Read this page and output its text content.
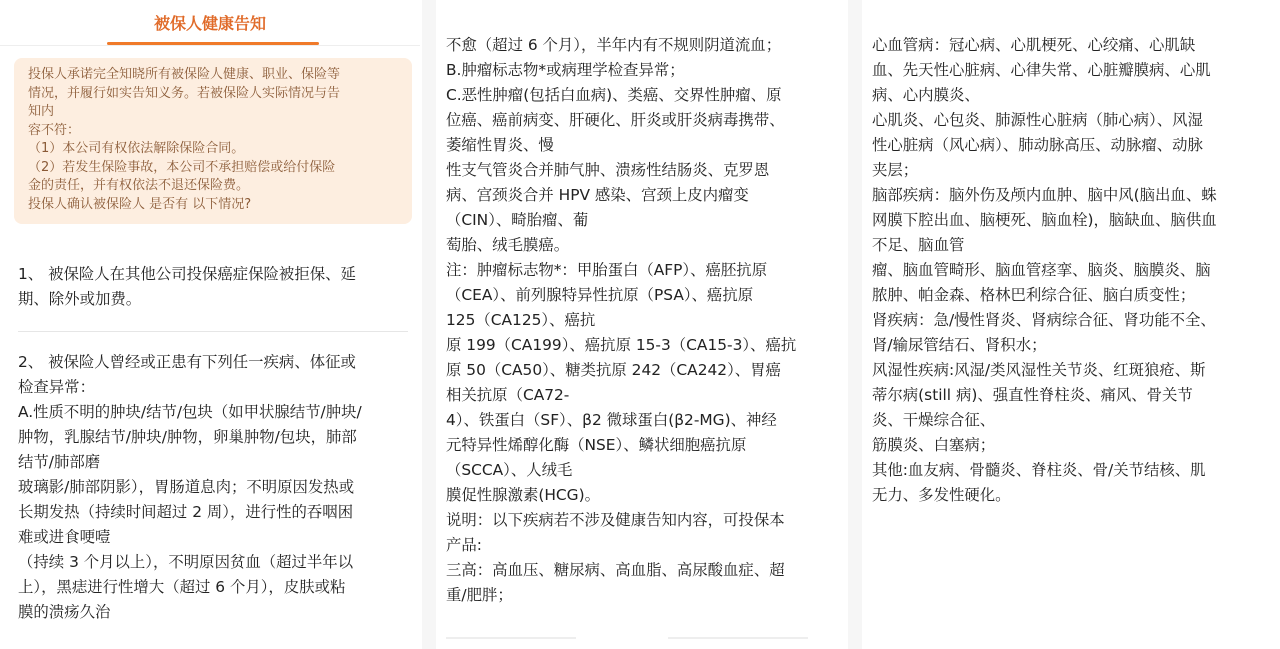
被保人健康告知
投保人承诺完全知晓所有被保险人健康、职业、保险等
情况，并履行如实告知义务。若被保险人实际情况与告
知内
容不符：
（1）本公司有权依法解除保险合同。
（2）若发生保险事故，本公司不承担赔偿或给付保险
金的责任，并有权依法不退还保险费。
投保人确认被保险人 是否有 以下情况?
1、 被保险人在其他公司投保癌症保险被拒保、延
期、除外或加费。
2、 被保险人曾经或正患有下列任一疾病、体征或
检查异常：
A.性质不明的肿块/结节/包块（如甲状腺结节/肿块/
肿物，乳腺结节/肿块/肿物，卵巢肿物/包块，肺部
结节/肺部磨
玻璃影/肺部阴影），胃肠道息肉；不明原因发热或
长期发热（持续时间超过 2 周），进行性的吞咽困
难或进食哽噎
（持续 3 个月以上），不明原因贫血（超过半年以
上），黑痣进行性增大（超过 6 个月），皮肤或粘
膜的溃疡久治
不愈（超过 6 个月），半年内有不规则阴道流血；
B.肿瘤标志物*或病理学检查异常；
C.恶性肿瘤(包括白血病)、类癌、交界性肿瘤、原
位癌、癌前病变、肝硬化、肝炎或肝炎病毒携带、
萎缩性胃炎、慢
性支气管炎合并肺气肿、溃疡性结肠炎、克罗恩
病、宫颈炎合并 HPV 感染、宫颈上皮内瘤变
（CIN）、畸胎瘤、葡
萄胎、绒毛膜癌。
注：肿瘤标志物*：甲胎蛋白（AFP）、癌胚抗原
（CEA）、前列腺特异性抗原（PSA）、癌抗原
125（CA125）、癌抗
原 199（CA199）、癌抗原 15-3（CA15-3）、癌抗
原 50（CA50）、糖类抗原 242（CA242）、胃癌
相关抗原（CA72-
4）、铁蛋白（SF）、β2 微球蛋白(β2-MG)、神经
元特异性烯醇化酶（NSE）、鳞状细胞癌抗原
（SCCA）、人绒毛
膜促性腺激素(HCG)。
说明：以下疾病若不涉及健康告知内容，可投保本
产品:
三高：高血压、糖尿病、高血脂、高尿酸血症、超
重/肥胖；
心血管病：冠心病、心肌梗死、心绞痛、心肌缺
血、先天性心脏病、心律失常、心脏瓣膜病、心肌
病、心内膜炎、
心肌炎、心包炎、肺源性心脏病（肺心病）、风湿
性心脏病（风心病）、肺动脉高压、动脉瘤、动脉
夹层；
脑部疾病：脑外伤及颅内血肿、脑中风(脑出血、蛛
网膜下腔出血、脑梗死、脑血栓)，脑缺血、脑供血
不足、脑血管
瘤、脑血管畸形、脑血管痉挛、脑炎、脑膜炎、脑
脓肿、帕金森、格林巴利综合征、脑白质变性；
肾疾病：急/慢性肾炎、肾病综合征、肾功能不全、
肾/输尿管结石、肾积水；
风湿性疾病:风湿/类风湿性关节炎、红斑狼疮、斯
蒂尔病(still 病)、强直性脊柱炎、痛风、骨关节
炎、干燥综合征、
筋膜炎、白塞病；
其他:血友病、骨髓炎、脊柱炎、骨/关节结核、肌
无力、多发性硬化。
